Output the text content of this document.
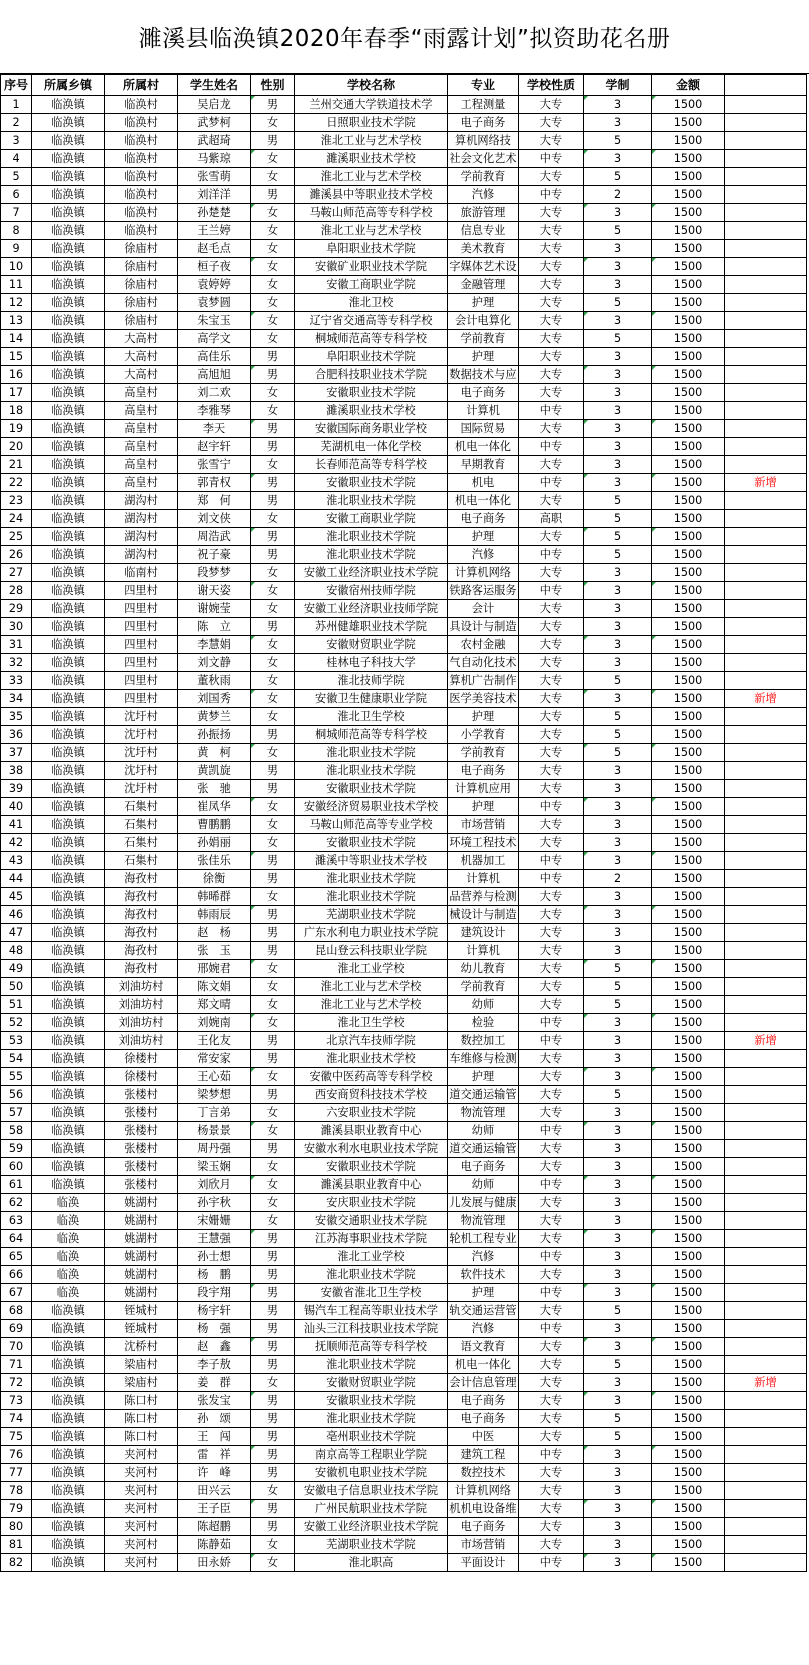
濉溪县临涣镇2020年春季“雨露计划”拟资助花名册
序号	所属乡镇	所属村	学生姓名	性别	学校名称	专业	学校性质	学制	金额	
1	临涣镇	临涣村	吴启龙	男	兰州交通大学铁道技术学	工程测量	大专	3	1500	
2	临涣镇	临涣村	武梦柯	女	日照职业技术学院	电子商务	大专	3	1500	
3	临涣镇	临涣村	武超琦	男	淮北工业与艺术学校	算机网络技	大专	5	1500	
4	临涣镇	临涣村	马紫琼	女	濉溪职业技术学校	社会文化艺术	中专	3	1500	
5	临涣镇	临涣村	张雪萌	女	淮北工业与艺术学校	学前教育	大专	5	1500	
6	临涣镇	临涣村	刘洋洋	男	濉溪县中等职业技术学校	汽修	中专	2	1500	
7	临涣镇	临涣村	孙楚楚	女	马鞍山师范高等专科学校	旅游管理	大专	3	1500	
8	临涣镇	临涣村	王兰婷	女	淮北工业与艺术学校	信息专业	大专	5	1500	
9	临涣镇	徐庙村	赵毛点	女	阜阳职业技术学院	美术教育	大专	3	1500	
10	临涣镇	徐庙村	桓子夜	女	安徽矿业职业技术学院	字媒体艺术设	大专	3	1500	
11	临涣镇	徐庙村	袁婷婷	女	安徽工商职业学院	金融管理	大专	3	1500	
12	临涣镇	徐庙村	袁梦圆	女	淮北卫校	护理	大专	5	1500	
13	临涣镇	徐庙村	朱宝玉	女	辽宁省交通高等专科学校	会计电算化	大专	3	1500	
14	临涣镇	大高村	高学文	女	桐城师范高等专科学校	学前教育	大专	5	1500	
15	临涣镇	大高村	高佳乐	男	阜阳职业技术学院	护理	大专	3	1500	
16	临涣镇	大高村	高旭旭	男	合肥科技职业技术学院	数据技术与应	大专	3	1500	
17	临涣镇	高皇村	刘二欢	女	安徽职业技术学院	电子商务	大专	3	1500	
18	临涣镇	高皇村	李雅琴	女	濉溪职业技术学校	计算机	中专	3	1500	
19	临涣镇	高皇村	李天	男	安徽国际商务职业学校	国际贸易	大专	3	1500	
20	临涣镇	高皇村	赵宇轩	男	芜湖机电一体化学校	机电一体化	中专	3	1500	
21	临涣镇	高皇村	张雪宁	女	长春师范高等专科学校	早期教育	大专	3	1500	
22	临涣镇	高皇村	郭青权	男	安徽职业技术学院	机电	中专	3	1500	新增
23	临涣镇	湖沟村	郑　何	男	淮北职业技术学院	机电一体化	大专	5	1500	
24	临涣镇	湖沟村	刘文侠	女	安徽工商职业学院	电子商务	高职	5	1500	
25	临涣镇	湖沟村	周浩武	男	淮北职业技术学院	护理	大专	5	1500	
26	临涣镇	湖沟村	祝子豪	男	淮北职业技术学院	汽修	中专	5	1500	
27	临涣镇	临南村	段梦梦	女	安徽工业经济职业技术学院	计算机网络	大专	3	1500	
28	临涣镇	四里村	谢天姿	女	安徽宿州技师学院	铁路客运服务	中专	3	1500	
29	临涣镇	四里村	谢婉莹	女	安徽工业经济职业技师学院	会计	大专	3	1500	
30	临涣镇	四里村	陈　立	男	苏州健雄职业技术学院	具设计与制造	大专	3	1500	
31	临涣镇	四里村	李慧娟	女	安徽财贸职业学院	农村金融	大专	3	1500	
32	临涣镇	四里村	刘文静	女	桂林电子科技大学	气自动化技术	大专	3	1500	
33	临涣镇	四里村	董秋雨	女	淮北技师学院	算机广告制作	大专	5	1500	
34	临涣镇	四里村	刘国秀	女	安徽卫生健康职业学院	医学美容技术	大专	3	1500	新增
35	临涣镇	沈圩村	黄梦兰	女	淮北卫生学校	护理	大专	5	1500	
36	临涣镇	沈圩村	孙振扬	男	桐城师范高等专科学校	小学教育	大专	5	1500	
37	临涣镇	沈圩村	黄　柯	女	淮北职业技术学院	学前教育	大专	5	1500	
38	临涣镇	沈圩村	黄凯旋	男	淮北职业技术学院	电子商务	大专	3	1500	
39	临涣镇	沈圩村	张　驰	男	安徽职业技术学院	计算机应用	大专	3	1500	
40	临涣镇	石集村	崔凤华	女	安徽经济贸易职业技术学校	护理	中专	3	1500	
41	临涣镇	石集村	曹鹏鹏	女	马鞍山师范高等专业学校	市场营销	大专	3	1500	
42	临涣镇	石集村	孙娟丽	女	安徽职业技术学院	环境工程技术	大专	3	1500	
43	临涣镇	石集村	张佳乐	男	濉溪中等职业技术学校	机器加工	中专	3	1500	
44	临涣镇	海孜村	徐衡	男	淮北职业技术学院	计算机	中专	2	1500	
45	临涣镇	海孜村	韩晞群	女	淮北职业技术学院	品营养与检测	大专	3	1500	
46	临涣镇	海孜村	韩雨辰	男	芜湖职业技术学院	械设计与制造	大专	3	1500	
47	临涣镇	海孜村	赵　杨	男	广东水利电力职业技术学院	建筑设计	大专	3	1500	
48	临涣镇	海孜村	张　玉	男	昆山登云科技职业学院	计算机	大专	3	1500	
49	临涣镇	海孜村	邢婉君	女	淮北工业学校	幼儿教育	大专	5	1500	
50	临涣镇	刘油坊村	陈文娟	女	淮北工业与艺术学校	学前教育	大专	5	1500	
51	临涣镇	刘油坊村	郑文晴	女	淮北工业与艺术学校	幼师	大专	5	1500	
52	临涣镇	刘油坊村	刘婉南	女	淮北卫生学校	检验	中专	3	1500	
53	临涣镇	刘油坊村	王化友	男	北京汽车技师学院	数控加工	中专	3	1500	新增
54	临涣镇	徐楼村	常安家	男	淮北职业技术学校	车维修与检测	大专	3	1500	
55	临涣镇	徐楼村	王心茹	女	安徽中医药高等专科学校	护理	大专	3	1500	
56	临涣镇	张楼村	梁梦想	男	西安商贸科技技术学校	道交通运输管	大专	5	1500	
57	临涣镇	张楼村	丁言弟	女	六安职业技术学院	物流管理	大专	3	1500	
58	临涣镇	张楼村	杨景景	女	濉溪县职业教育中心	幼师	中专	3	1500	
59	临涣镇	张楼村	周丹强	男	安徽水利水电职业技术学院	道交通运输管	大专	3	1500	
60	临涣镇	张楼村	梁玉娴	女	安徽职业技术学院	电子商务	大专	3	1500	
61	临涣镇	张楼村	刘欣月	女	濉溪县职业教育中心	幼师	中专	3	1500	
62	临涣	姚湖村	孙宇秋	女	安庆职业技术学院	儿发展与健康	大专	3	1500	
63	临涣	姚湖村	宋姗姗	女	安徽交通职业技术学院	物流管理	大专	3	1500	
64	临涣	姚湖村	王慧强	男	江苏海事职业技术学院	轮机工程专业	大专	3	1500	
65	临涣	姚湖村	孙士想	男	淮北工业学校	汽修	中专	3	1500	
66	临涣	姚湖村	杨　鹏	男	淮北职业技术学院	软件技术	大专	3	1500	
67	临涣	姚湖村	段宇翔	男	安徽省淮北卫生学校	护理	中专	3	1500	
68	临涣镇	铚城村	杨宇轩	男	锡汽车工程高等职业技术学	轨交通运营管	大专	5	1500	
69	临涣镇	铚城村	杨　强	男	汕头三江科技职业技术学院	汽修	中专	3	1500	
70	临涣镇	沈桥村	赵　鑫	男	抚顺师范高等专科学校	语文教育	大专	3	1500	
71	临涣镇	梁庙村	李子敖	男	淮北职业技术学院	机电一体化	大专	5	1500	
72	临涣镇	梁庙村	姜　群	女	安徽财贸职业学院	会计信息管理	大专	3	1500	新增
73	临涣镇	陈口村	张发宝	男	安徽职业技术学院	电子商务	大专	3	1500	
74	临涣镇	陈口村	孙　颂	男	淮北职业技术学院	电子商务	大专	5	1500	
75	临涣镇	陈口村	王　闯	男	亳州职业技术学院	中医	大专	5	1500	
76	临涣镇	夹河村	雷　祥	男	南京高等工程职业学院	建筑工程	中专	3	1500	
77	临涣镇	夹河村	许　峰	男	安徽机电职业技术学院	数控技术	大专	3	1500	
78	临涣镇	夹河村	田兴云	女	安徽电子信息职业技术学院	计算机网络	大专	3	1500	
79	临涣镇	夹河村	王子臣	男	广州民航职业技术学院	机机电设备维	大专	3	1500	
80	临涣镇	夹河村	陈超鹏	男	安徽工业经济职业技术学院	电子商务	大专	3	1500	
81	临涣镇	夹河村	陈静茹	女	芜湖职业技术学院	市场营销	大专	3	1500	
82	临涣镇	夹河村	田永娇	女	淮北职高	平面设计	中专	3	1500	
